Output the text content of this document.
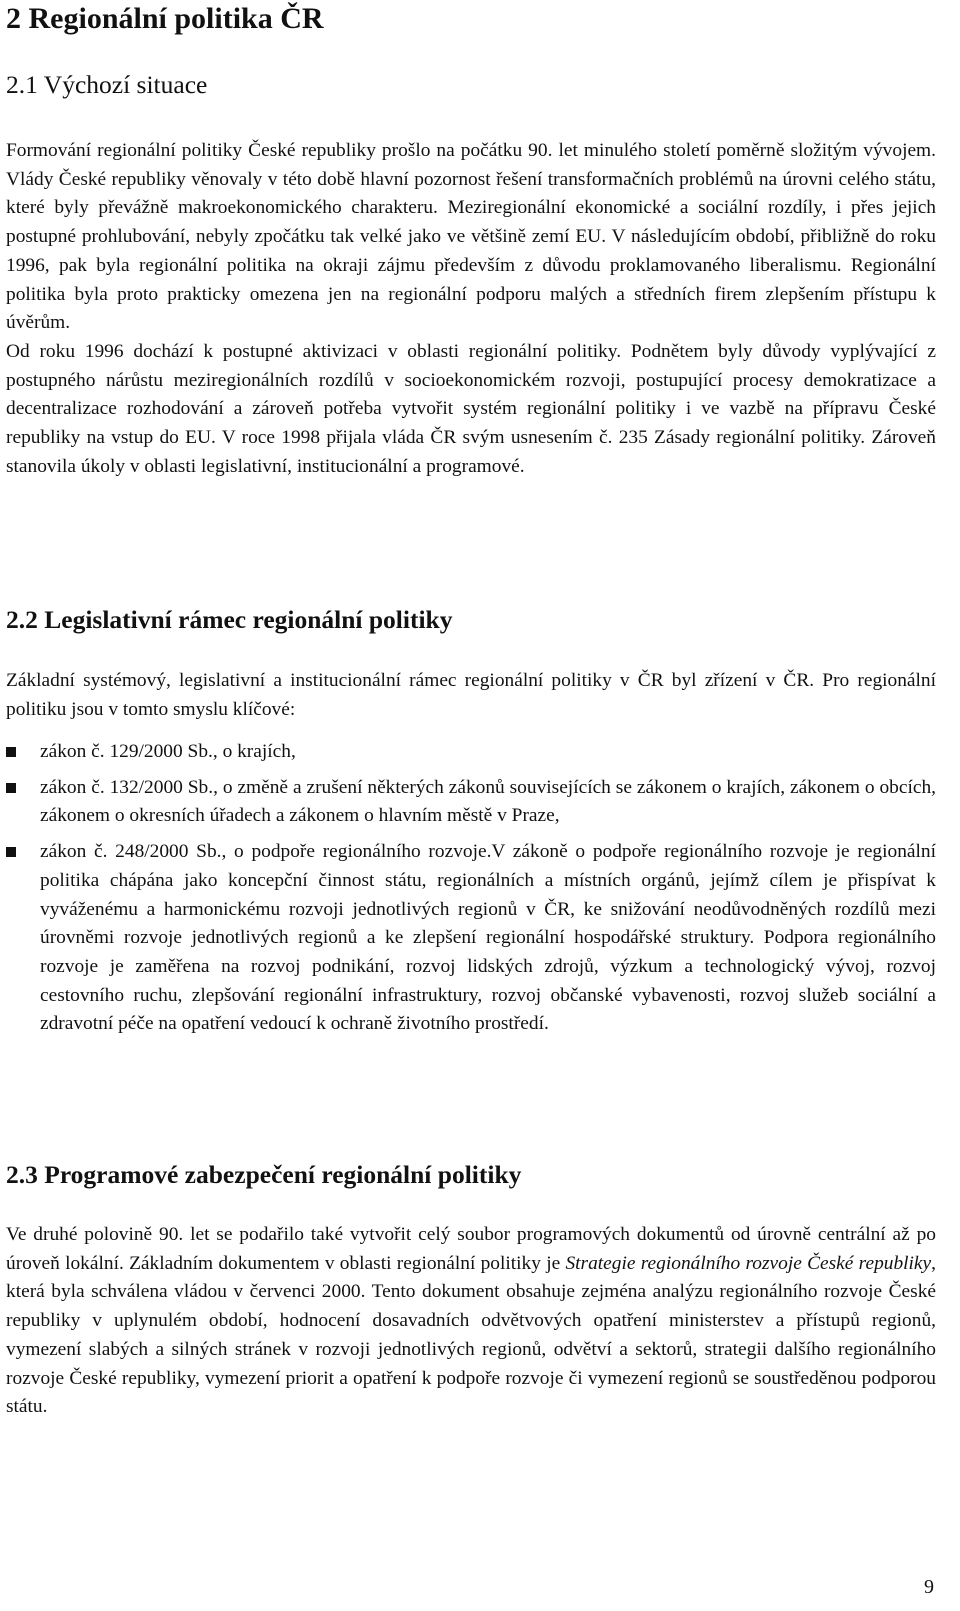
2 Regionální politika ČR
2.1 Výchozí situace

Formování regionální politiky České republiky prošlo na počátku 90. let minulého století poměrně složitým vývojem. Vlády České republiky věnovaly v této době hlavní pozornost řešení transformačních problémů na úrovni celého státu, které byly převážně makroekonomického charakteru. Meziregionální ekonomické a sociální rozdíly, i přes jejich postupné prohlubování, nebyly zpočátku tak velké jako ve většině zemí EU. V následujícím období, přibližně do roku 1996, pak byla regionální politika na okraji zájmu především z důvodu proklamovaného liberalismu. Regionální politika byla proto prakticky omezena jen na regionální podporu malých a středních firem zlepšením přístupu k úvěrům.

Od roku 1996 dochází k postupné aktivizaci v oblasti regionální politiky. Podnětem byly důvody vyplývající z postupného nárůstu meziregionálních rozdílů v socioekonomickém rozvoji, postupující procesy demokratizace a decentralizace rozhodování a zároveň potřeba vytvořit systém regionální politiky i ve vazbě na přípravu České republiky na vstup do EU. V roce 1998 přijala vláda ČR svým usnesením č. 235 Zásady regionální politiky. Zároveň stanovila úkoly v oblasti legislativní, institucionální a programové.

2.2 Legislativní rámec regionální politiky
Základní systémový, legislativní a institucionální rámec regionální politiky v ČR byl zřízení v ČR. Pro regionální politiku jsou v tomto smyslu klíčové:
zákon č. 129/2000 Sb., o krajích,
zákon č. 132/2000 Sb., o změně a zrušení některých zákonů souvisejících se zákonem o krajích, zákonem o obcích, zákonem o okresních úřadech a zákonem o hlavním městě v Praze,
zákon č. 248/2000 Sb., o podpoře regionálního rozvoje.V zákoně o podpoře regionálního rozvoje je regionální politika chápána jako koncepční činnost státu, regionálních a místních orgánů, jejímž cílem je přispívat k vyváženému a harmonickému rozvoji jednotlivých regionů v ČR, ke snižování neodůvodněných rozdílů mezi úrovněmi rozvoje jednotlivých regionů a ke zlepšení regionální hospodářské struktury. Podpora regionálního rozvoje je zaměřena na rozvoj podnikání, rozvoj lidských zdrojů, výzkum a technologický vývoj, rozvoj cestovního ruchu, zlepšování regionální infrastruktury, rozvoj občanské vybavenosti, rozvoj služeb sociální a zdravotní péče na opatření vedoucí k ochraně životního prostředí.
2.3 Programové zabezpečení regionální politiky
Ve druhé polovině 90. let se podařilo také vytvořit celý soubor programových dokumentů od úrovně centrální až po úroveň lokální. Základním dokumentem v oblasti regionální politiky je Strategie regionálního rozvoje České republiky, která byla schválena vládou v červenci 2000. Tento dokument obsahuje zejména analýzu regionálního rozvoje České republiky v uplynulém období, hodnocení dosavadních odvětvových opatření ministerstev a přístupů regionů, vymezení slabých a silných stránek v rozvoji jednotlivých regionů, odvětví a sektorů, strategii dalšího regionálního rozvoje České republiky, vymezení priorit a opatření k podpoře rozvoje či vymezení regionů se soustředěnou podporou státu.
9
